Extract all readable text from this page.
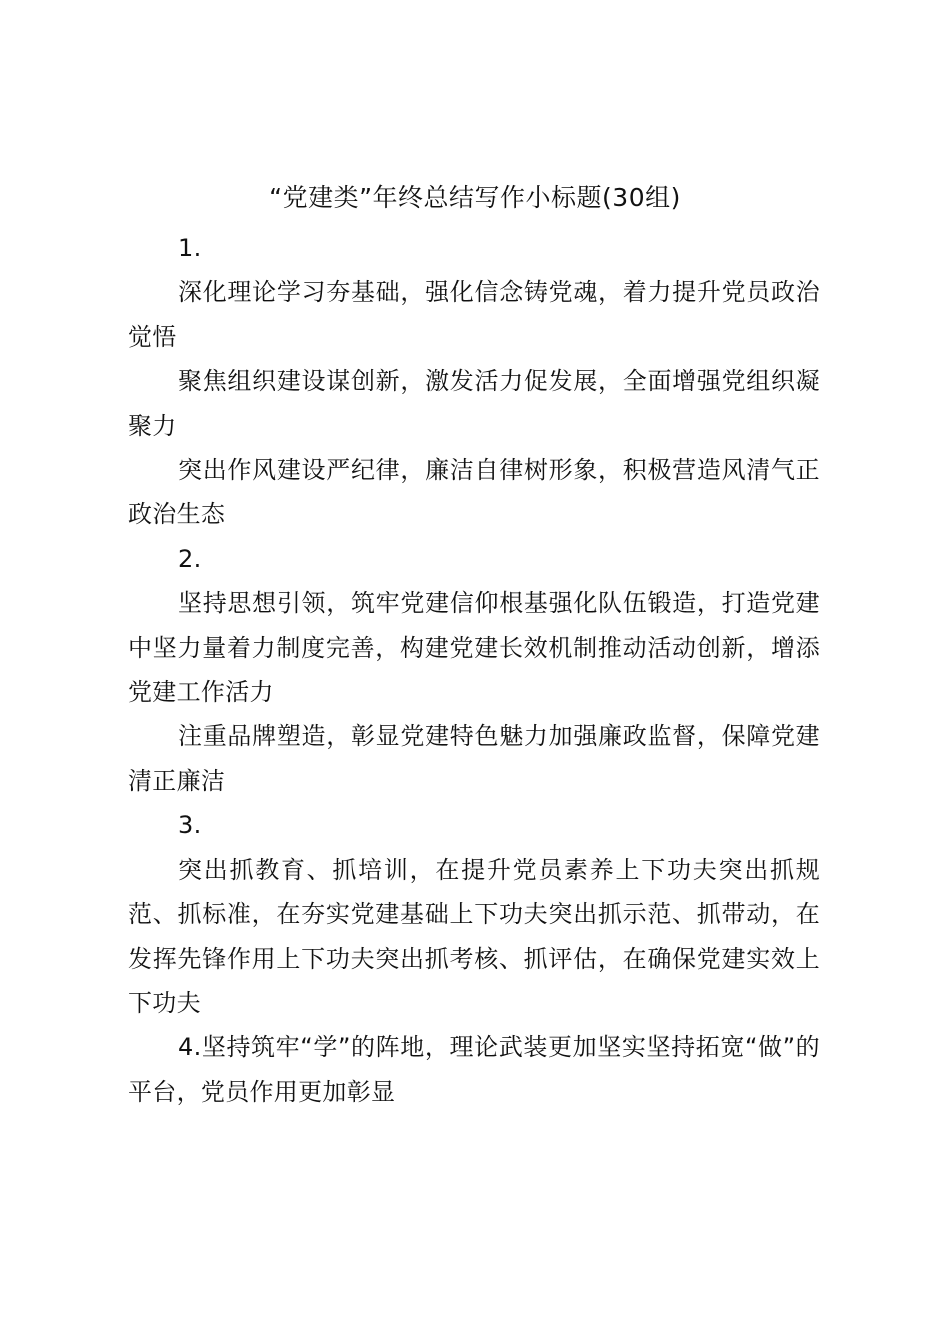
“党建类”年终总结写作小标题(30组)

1.

深化理论学习夯基础，强化信念铸党魂，着力提升党员政治觉悟

聚焦组织建设谋创新，激发活力促发展，全面增强党组织凝聚力

突出作风建设严纪律，廉洁自律树形象，积极营造风清气正政治生态

2.

坚持思想引领，筑牢党建信仰根基强化队伍锻造，打造党建中坚力量着力制度完善，构建党建长效机制推动活动创新，增添党建工作活力

注重品牌塑造，彰显党建特色魅力加强廉政监督，保障党建清正廉洁

3.

突出抓教育、抓培训，在提升党员素养上下功夫突出抓规范、抓标准，在夯实党建基础上下功夫突出抓示范、抓带动，在发挥先锋作用上下功夫突出抓考核、抓评估，在确保党建实效上下功夫

4.坚持筑牢“学”的阵地，理论武装更加坚实坚持拓宽“做”的平台，党员作用更加彰显
